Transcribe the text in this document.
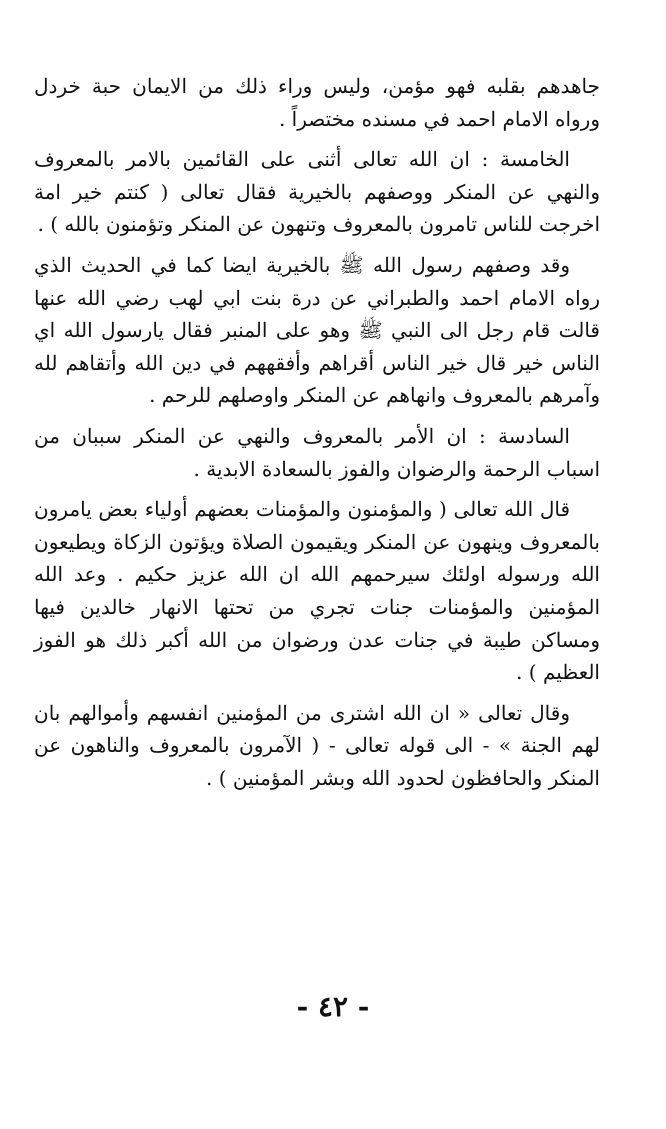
جاهدهم بقلبه فهو مؤمن، وليس وراء ذلك من الايمان حبة خردل ورواه الامام احمد في مسنده مختصراً .

الخامسة : ان الله تعالى أثنى على القائمين بالامر بالمعروف والنهي عن المنكر ووصفهم بالخيرية فقال تعالى ( كنتم خير امة اخرجت للناس تامرون بالمعروف وتنهون عن المنكر وتؤمنون بالله ) .

وقد وصفهم رسول الله ﷺ بالخيرية ايضا كما في الحديث الذي رواه الامام احمد والطبراني عن درة بنت ابي لهب رضي الله عنها قالت قام رجل الى النبي ﷺ وهو على المنبر فقال يارسول الله اي الناس خير قال خير الناس أقراهم وأفقههم في دين الله وأتقاهم لله وآمرهم بالمعروف وانهاهم عن المنكر واوصلهم للرحم .

السادسة : ان الأمر بالمعروف والنهي عن المنكر سببان من اسباب الرحمة والرضوان والفوز بالسعادة الابدية .

قال الله تعالى ( والمؤمنون والمؤمنات بعضهم أولياء بعض يامرون بالمعروف وينهون عن المنكر ويقيمون الصلاة ويؤتون الزكاة ويطيعون الله ورسوله اولئك سيرحمهم الله ان الله عزيز حكيم . وعد الله المؤمنين والمؤمنات جنات تجري من تحتها الانهار خالدين فيها ومساكن طيبة في جنات عدن ورضوان من الله أكبر ذلك هو الفوز العظيم ) .

وقال تعالى « ان الله اشترى من المؤمنين انفسهم وأموالهم بان لهم الجنة » - الى قوله تعالى - ( الآمرون بالمعروف والناهون عن المنكر والحافظون لحدود الله وبشر المؤمنين ) .

- ٤٢ -
